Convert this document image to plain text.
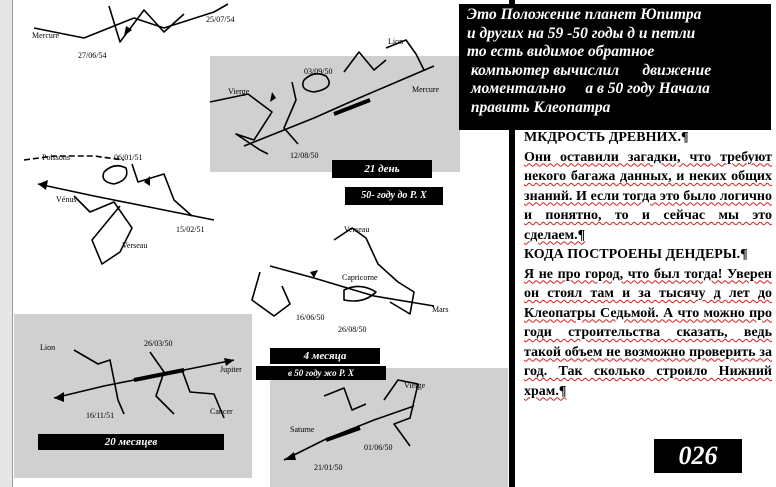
Mercure
Lion
Vierge	Mercure
Poissons
Vénus
Verseau
Verseau
Capricorne
Mars
Lion
Jupiter
Cancer
Vierge
Saturne
25/07/54
27/06/54
03/09/50
12/08/50
06/01/51
15/02/51
16/06/50
26/08/50
26/03/50
16/11/51
01/06/50
21/01/50
21 день
50- году до Р. Х
4 месяца
в 50 году жо Р. Х
20 месяцев

МКДРОСТЬ ДРЕВНИХ.¶

Они оставили загадки, что требуют некого багажа данных, и неких общих знаний. И если тогда это было логично и понятно, то и сейчас мы это сделаем.¶

КОДА ПОСТРОЕНЫ ДЕНДЕРЫ.¶

Я не про город, что был тогда! Уверен он стоял там и за тысячу д лет до Клеопатры Седьмой. А что можно про годи строительства сказать, ведь такой объем не возможно проверить за год. Так сколько строило Нижний храм.¶

Это Положение планет Юпитра
и других на 59 -50 годы д и петли
то есть видимое обратное
компьютер вычислил      движение
моментально     а в 50 году Начала
править Клеопатра
026
